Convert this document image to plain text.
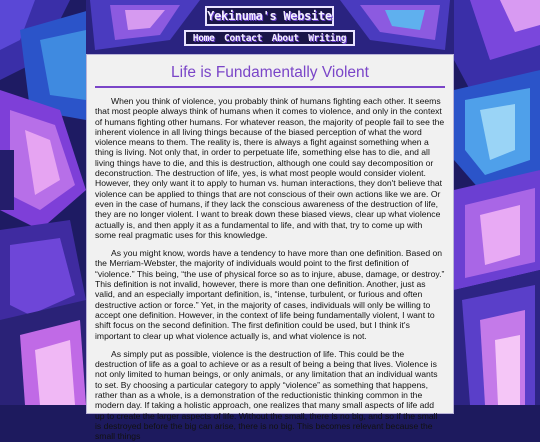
Yekinuma's Website
Home Contact About Writing
Life is Fundamentally Violent

When you think of violence, you probably think of humans fighting each other. It seems that most people always think of humans when it comes to violence, and only in the context of humans fighting other humans. For whatever reason, the majority of people fail to see the inherent violence in all living things because of the biased perception of what the word violence means to them. The reality is, there is always a fight against something when a thing is living. Not only that, in order to perpetuate life, something else has to die, and all living things have to die, and this is destruction, although one could say decomposition or deconstruction. The destruction of life, yes, is what most people would consider violent. However, they only want it to apply to human vs. human interactions, they don't believe that violence can be applied to things that are not conscious of their own actions like we are. Or even in the case of humans, if they lack the conscious awareness of the destruction of life, they are no longer violent. I want to break down these biased views, clear up what violence actually is, and then apply it as a fundamental to life, and with that, try to come up with some real pragmatic uses for this knowledge.

As you might know, words have a tendency to have more than one definition. Based on the Merriam-Webster, the majority of individuals would point to the first definition of “violence.” This being, “the use of physical force so as to injure, abuse, damage, or destroy.” This definition is not invalid, however, there is more than one definition. Another, just as valid, and an especially important definition, is, “intense, turbulent, or furious and often destructive action or force.” Yet, in the majority of cases, individuals will only be willing to accept one definition. However, in the context of life being fundamentally violent, I want to shift focus on the second definition. The first definition could be used, but I think it's important to clear up what violence actually is, and what violence is not.

As simply put as possible, violence is the destruction of life. This could be the destruction of life as a goal to achieve or as a result of being a being that lives. Violence is not only limited to human beings, or only animals, or any limitation that an individual wants to set. By choosing a particular category to apply “violence” as something that happens, rather than as a whole, is a demonstration of the reductionistic thinking common in the modern day. If taking a holistic approach, one realizes that many small aspects of life add up to create the larger aspects of life. Without the small, there is no big, and so if the small is destroyed before the big can arise, there is no big. This becomes relevant because the small things
